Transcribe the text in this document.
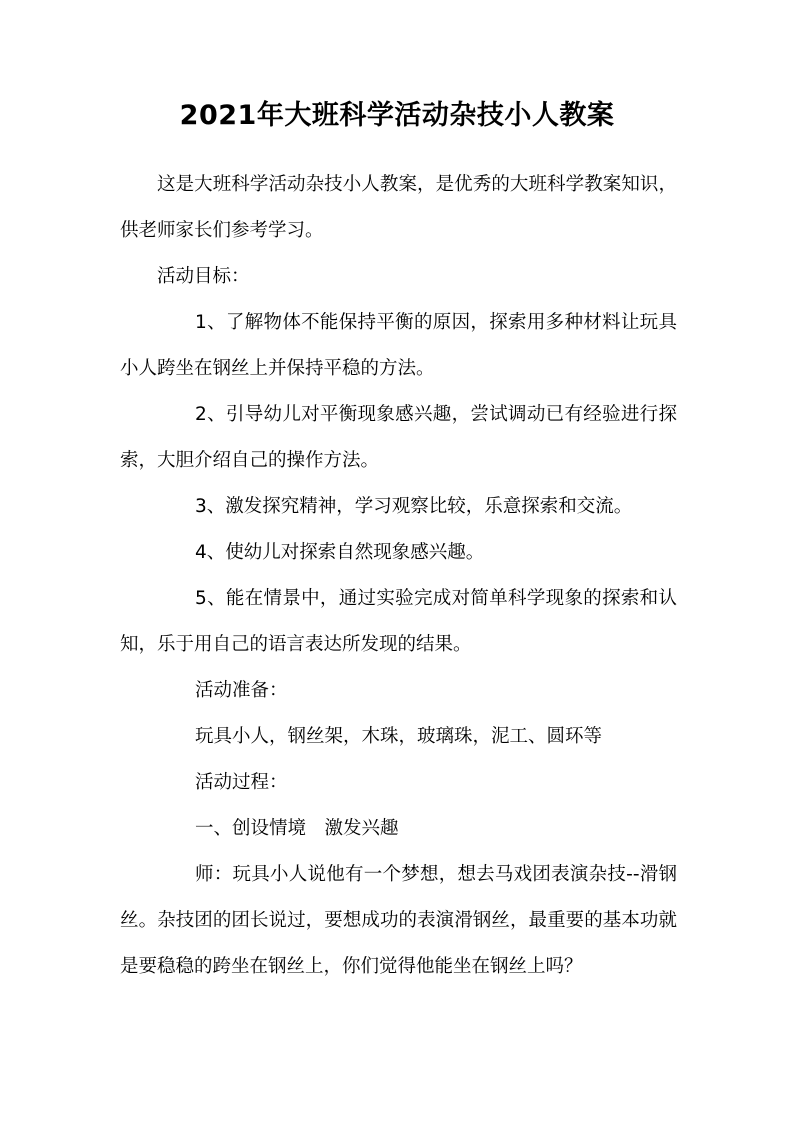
2021年大班科学活动杂技小人教案
这是大班科学活动杂技小人教案，是优秀的大班科学教案知识，
供老师家长们参考学习。
活动目标：
1、了解物体不能保持平衡的原因，探索用多种材料让玩具
小人跨坐在钢丝上并保持平稳的方法。
2、引导幼儿对平衡现象感兴趣，尝试调动已有经验进行探
索，大胆介绍自己的操作方法。
3、激发探究精神，学习观察比较，乐意探索和交流。
4、使幼儿对探索自然现象感兴趣。
5、能在情景中，通过实验完成对简单科学现象的探索和认
知，乐于用自己的语言表达所发现的结果。
活动准备：
玩具小人，钢丝架，木珠，玻璃珠，泥工、圆环等
活动过程：
一、创设情境　激发兴趣
师：玩具小人说他有一个梦想，想去马戏团表演杂技--滑钢
丝。杂技团的团长说过，要想成功的表演滑钢丝，最重要的基本功就
是要稳稳的跨坐在钢丝上，你们觉得他能坐在钢丝上吗？
